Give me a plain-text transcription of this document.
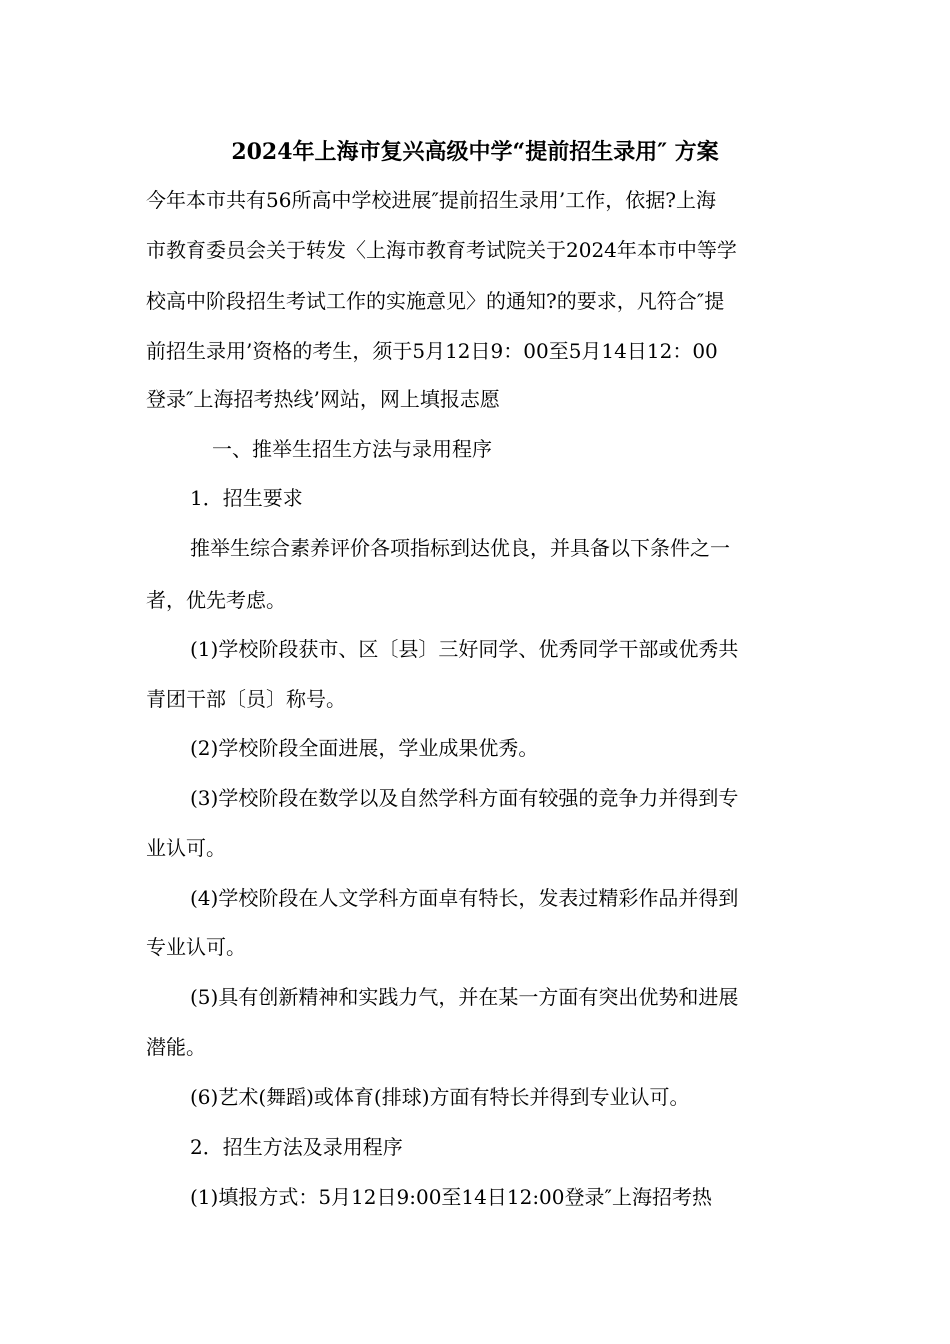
2024年上海市复兴高级中学“提前招生录用″ 方案
今年本市共有56所高中学校进展″提前招生录用’工作，依据?上海
市教育委员会关于转发〈上海市教育考试院关于2024年本市中等学
校高中阶段招生考试工作的实施意见〉的通知?的要求，凡符合″提
前招生录用’资格的考生，须于5月12日9：00至5月14日12：00
登录″上海招考热线’网站，网上填报志愿
一、推举生招生方法与录用程序
1．招生要求
推举生综合素养评价各项指标到达优良，并具备以下条件之一
者，优先考虑。
(1)学校阶段获市、区〔县〕三好同学、优秀同学干部或优秀共
青团干部〔员〕称号。
(2)学校阶段全面进展，学业成果优秀。
(3)学校阶段在数学以及自然学科方面有较强的竞争力并得到专
业认可。
(4)学校阶段在人文学科方面卓有特长，发表过精彩作品并得到
专业认可。
(5)具有创新精神和实践力气，并在某一方面有突出优势和进展
潜能。
(6)艺术(舞蹈)或体育(排球)方面有特长并得到专业认可。
2．招生方法及录用程序
(1)填报方式：5月12日9:00至14日12:00登录″上海招考热
